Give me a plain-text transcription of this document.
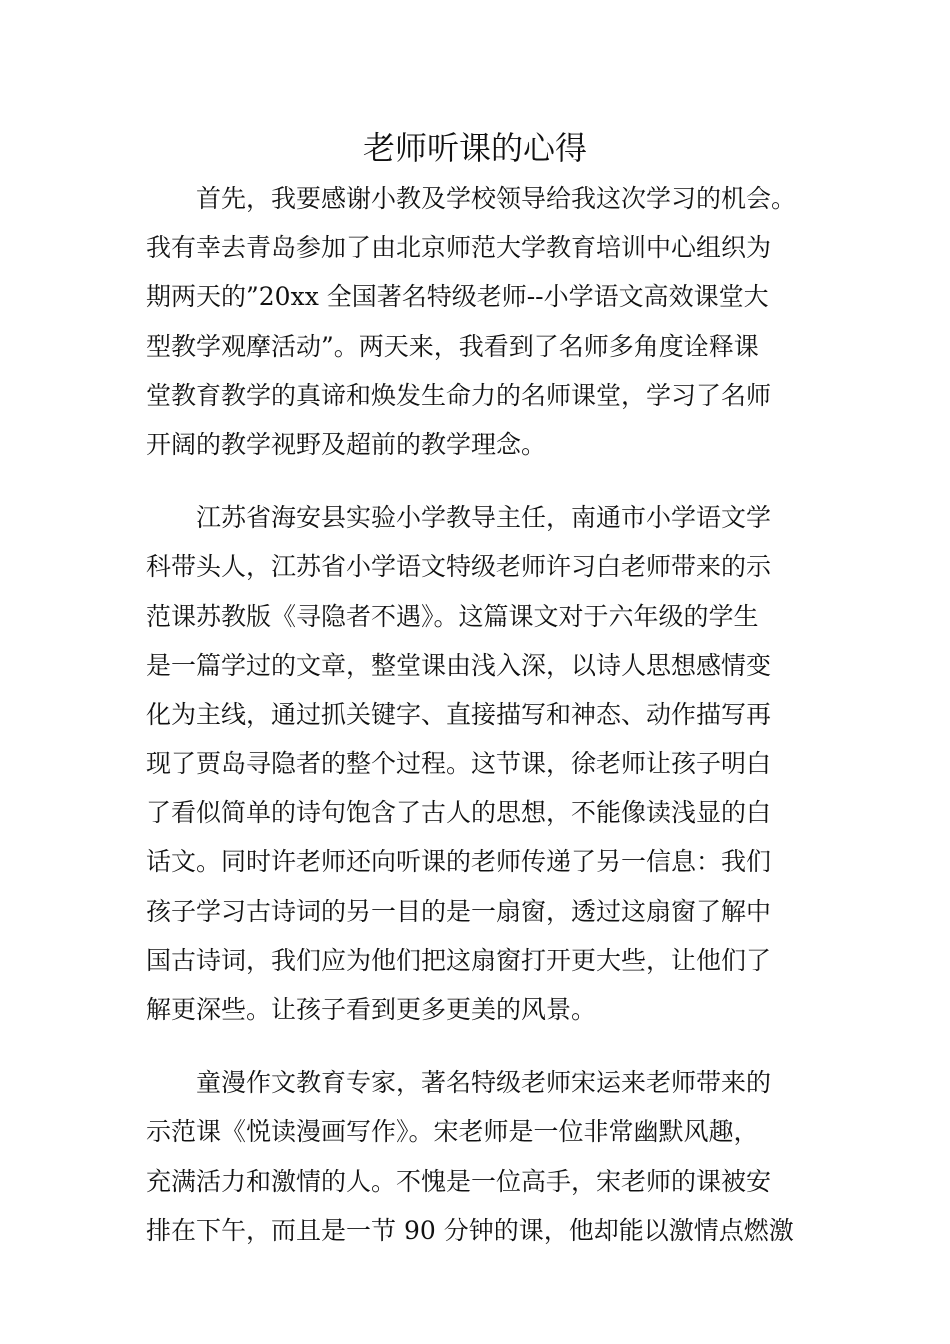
老师听课的心得
　　首先，我要感谢小教及学校领导给我这次学习的机会。
我有幸去青岛参加了由北京师范大学教育培训中心组织为
期两天的”20xx 全国著名特级老师--小学语文高效课堂大
型教学观摩活动”。两天来，我看到了名师多角度诠释课
堂教育教学的真谛和焕发生命力的名师课堂，学习了名师
开阔的教学视野及超前的教学理念。
　　江苏省海安县实验小学教导主任，南通市小学语文学
科带头人，江苏省小学语文特级老师许习白老师带来的示
范课苏教版《寻隐者不遇》。这篇课文对于六年级的学生
是一篇学过的文章，整堂课由浅入深，以诗人思想感情变
化为主线，通过抓关键字、直接描写和神态、动作描写再
现了贾岛寻隐者的整个过程。这节课，徐老师让孩子明白
了看似简单的诗句饱含了古人的思想，不能像读浅显的白
话文。同时许老师还向听课的老师传递了另一信息：我们
孩子学习古诗词的另一目的是一扇窗，透过这扇窗了解中
国古诗词，我们应为他们把这扇窗打开更大些，让他们了
解更深些。让孩子看到更多更美的风景。
　　童漫作文教育专家，著名特级老师宋运来老师带来的
示范课《悦读漫画写作》。宋老师是一位非常幽默风趣，
充满活力和激情的人。不愧是一位高手，宋老师的课被安
排在下午，而且是一节 90 分钟的课，他却能以激情点燃激
